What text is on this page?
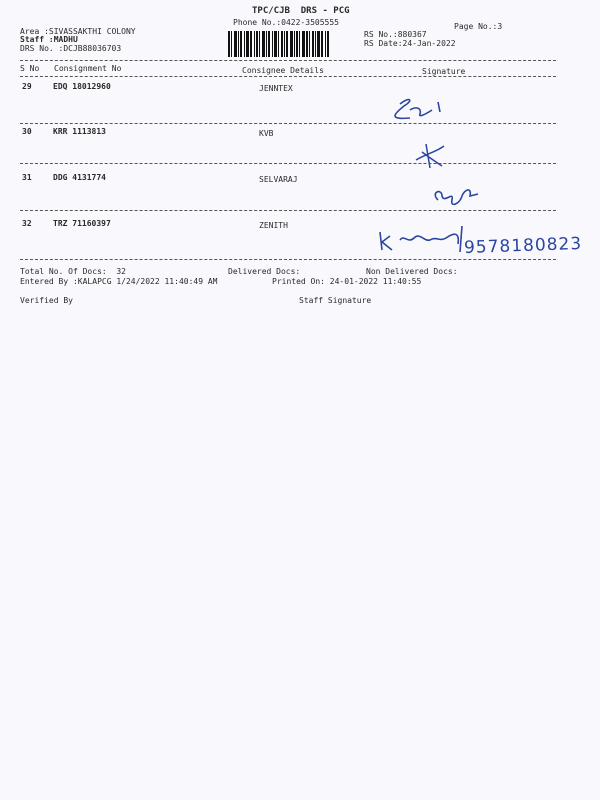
TPC/CJB  DRS - PCG
Phone No.:0422-3505555	Page No.:3
Area :SIVASSAKTHI COLONY
Staff :MADHU
DRS No. :DCJB88036703
RS No.:880367
RS Date:24-Jan-2022
S No Consignment No	Consignee Details	Signature
29	EDQ 18012960	JENNTEX
30	KRR 1113813	KVB
31	DDG 4131774	SELVARAJ
32	TRZ 71160397	ZENITH
9578180823
Total No. Of Docs:  32	Delivered Docs:	Non Delivered Docs:
Entered By :KALAPCG 1/24/2022 11:40:49 AM	Printed On: 24-01-2022 11:40:55
Verified By	Staff Signature
